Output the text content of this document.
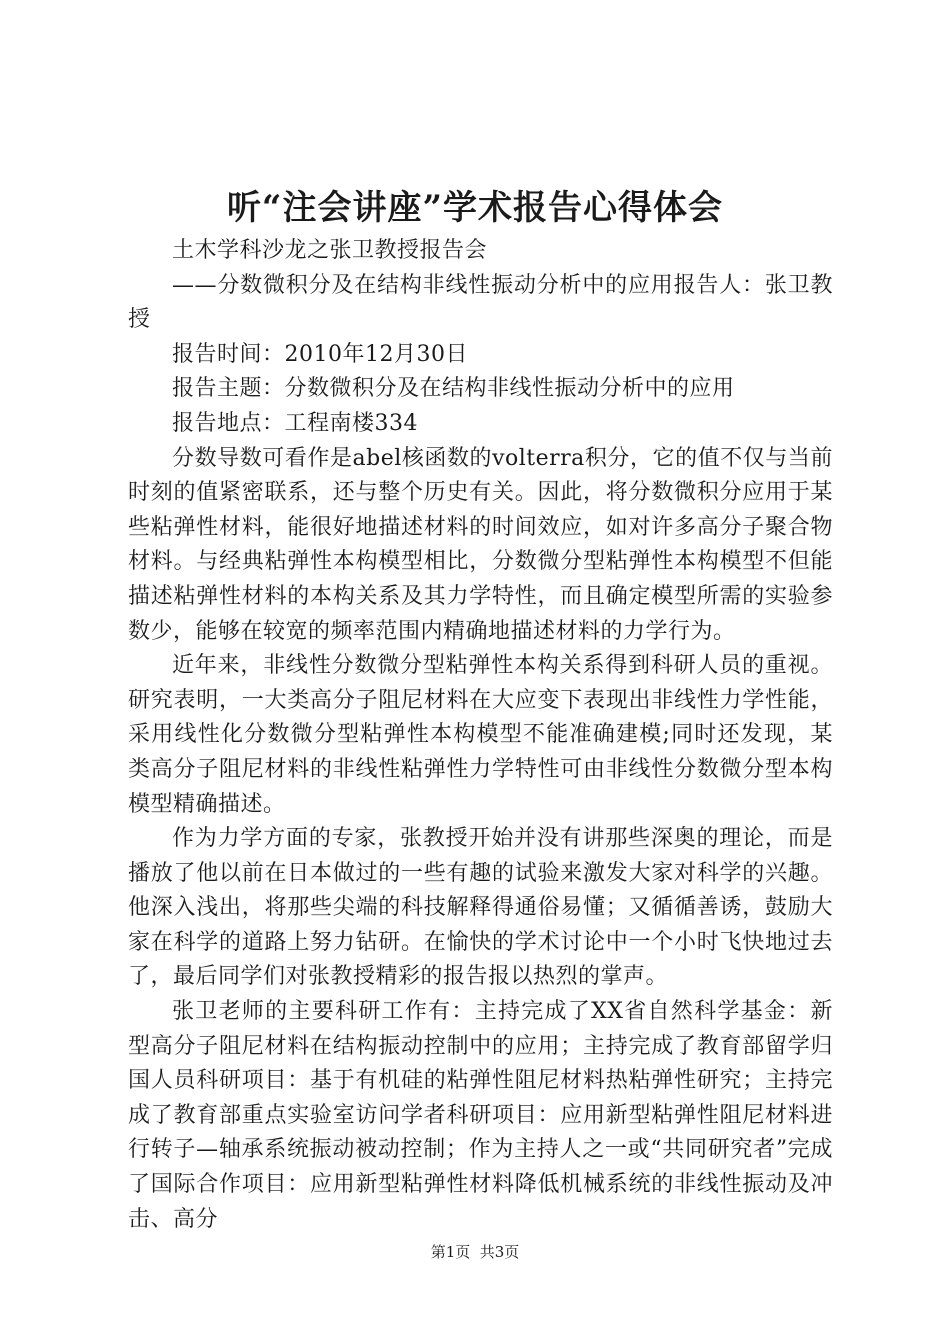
听“注会讲座”学术报告心得体会

土木学科沙龙之张卫教授报告会

——分数微积分及在结构非线性振动分析中的应用报告人：张卫教授

报告时间：2010年12月30日

报告主题：分数微积分及在结构非线性振动分析中的应用

报告地点：工程南楼334

分数导数可看作是abel核函数的volterra积分，它的值不仅与当前时刻的值紧密联系，还与整个历史有关。因此，将分数微积分应用于某些粘弹性材料，能很好地描述材料的时间效应，如对许多高分子聚合物材料。与经典粘弹性本构模型相比，分数微分型粘弹性本构模型不但能描述粘弹性材料的本构关系及其力学特性，而且确定模型所需的实验参数少，能够在较宽的频率范围内精确地描述材料的力学行为。

近年来，非线性分数微分型粘弹性本构关系得到科研人员的重视。研究表明，一大类高分子阻尼材料在大应变下表现出非线性力学性能，采用线性化分数微分型粘弹性本构模型不能准确建模;同时还发现，某类高分子阻尼材料的非线性粘弹性力学特性可由非线性分数微分型本构模型精确描述。

作为力学方面的专家，张教授开始并没有讲那些深奥的理论，而是播放了他以前在日本做过的一些有趣的试验来激发大家对科学的兴趣。他深入浅出，将那些尖端的科技解释得通俗易懂；又循循善诱，鼓励大家在科学的道路上努力钻研。在愉快的学术讨论中一个小时飞快地过去了，最后同学们对张教授精彩的报告报以热烈的掌声。

张卫老师的主要科研工作有：主持完成了XX省自然科学基金：新型高分子阻尼材料在结构振动控制中的应用；主持完成了教育部留学归国人员科研项目：基于有机硅的粘弹性阻尼材料热粘弹性研究；主持完成了教育部重点实验室访问学者科研项目：应用新型粘弹性阻尼材料进行转子—轴承系统振动被动控制；作为主持人之一或“共同研究者”完成了国际合作项目：应用新型粘弹性材料降低机械系统的非线性振动及冲击、高分

第1页  共3页
